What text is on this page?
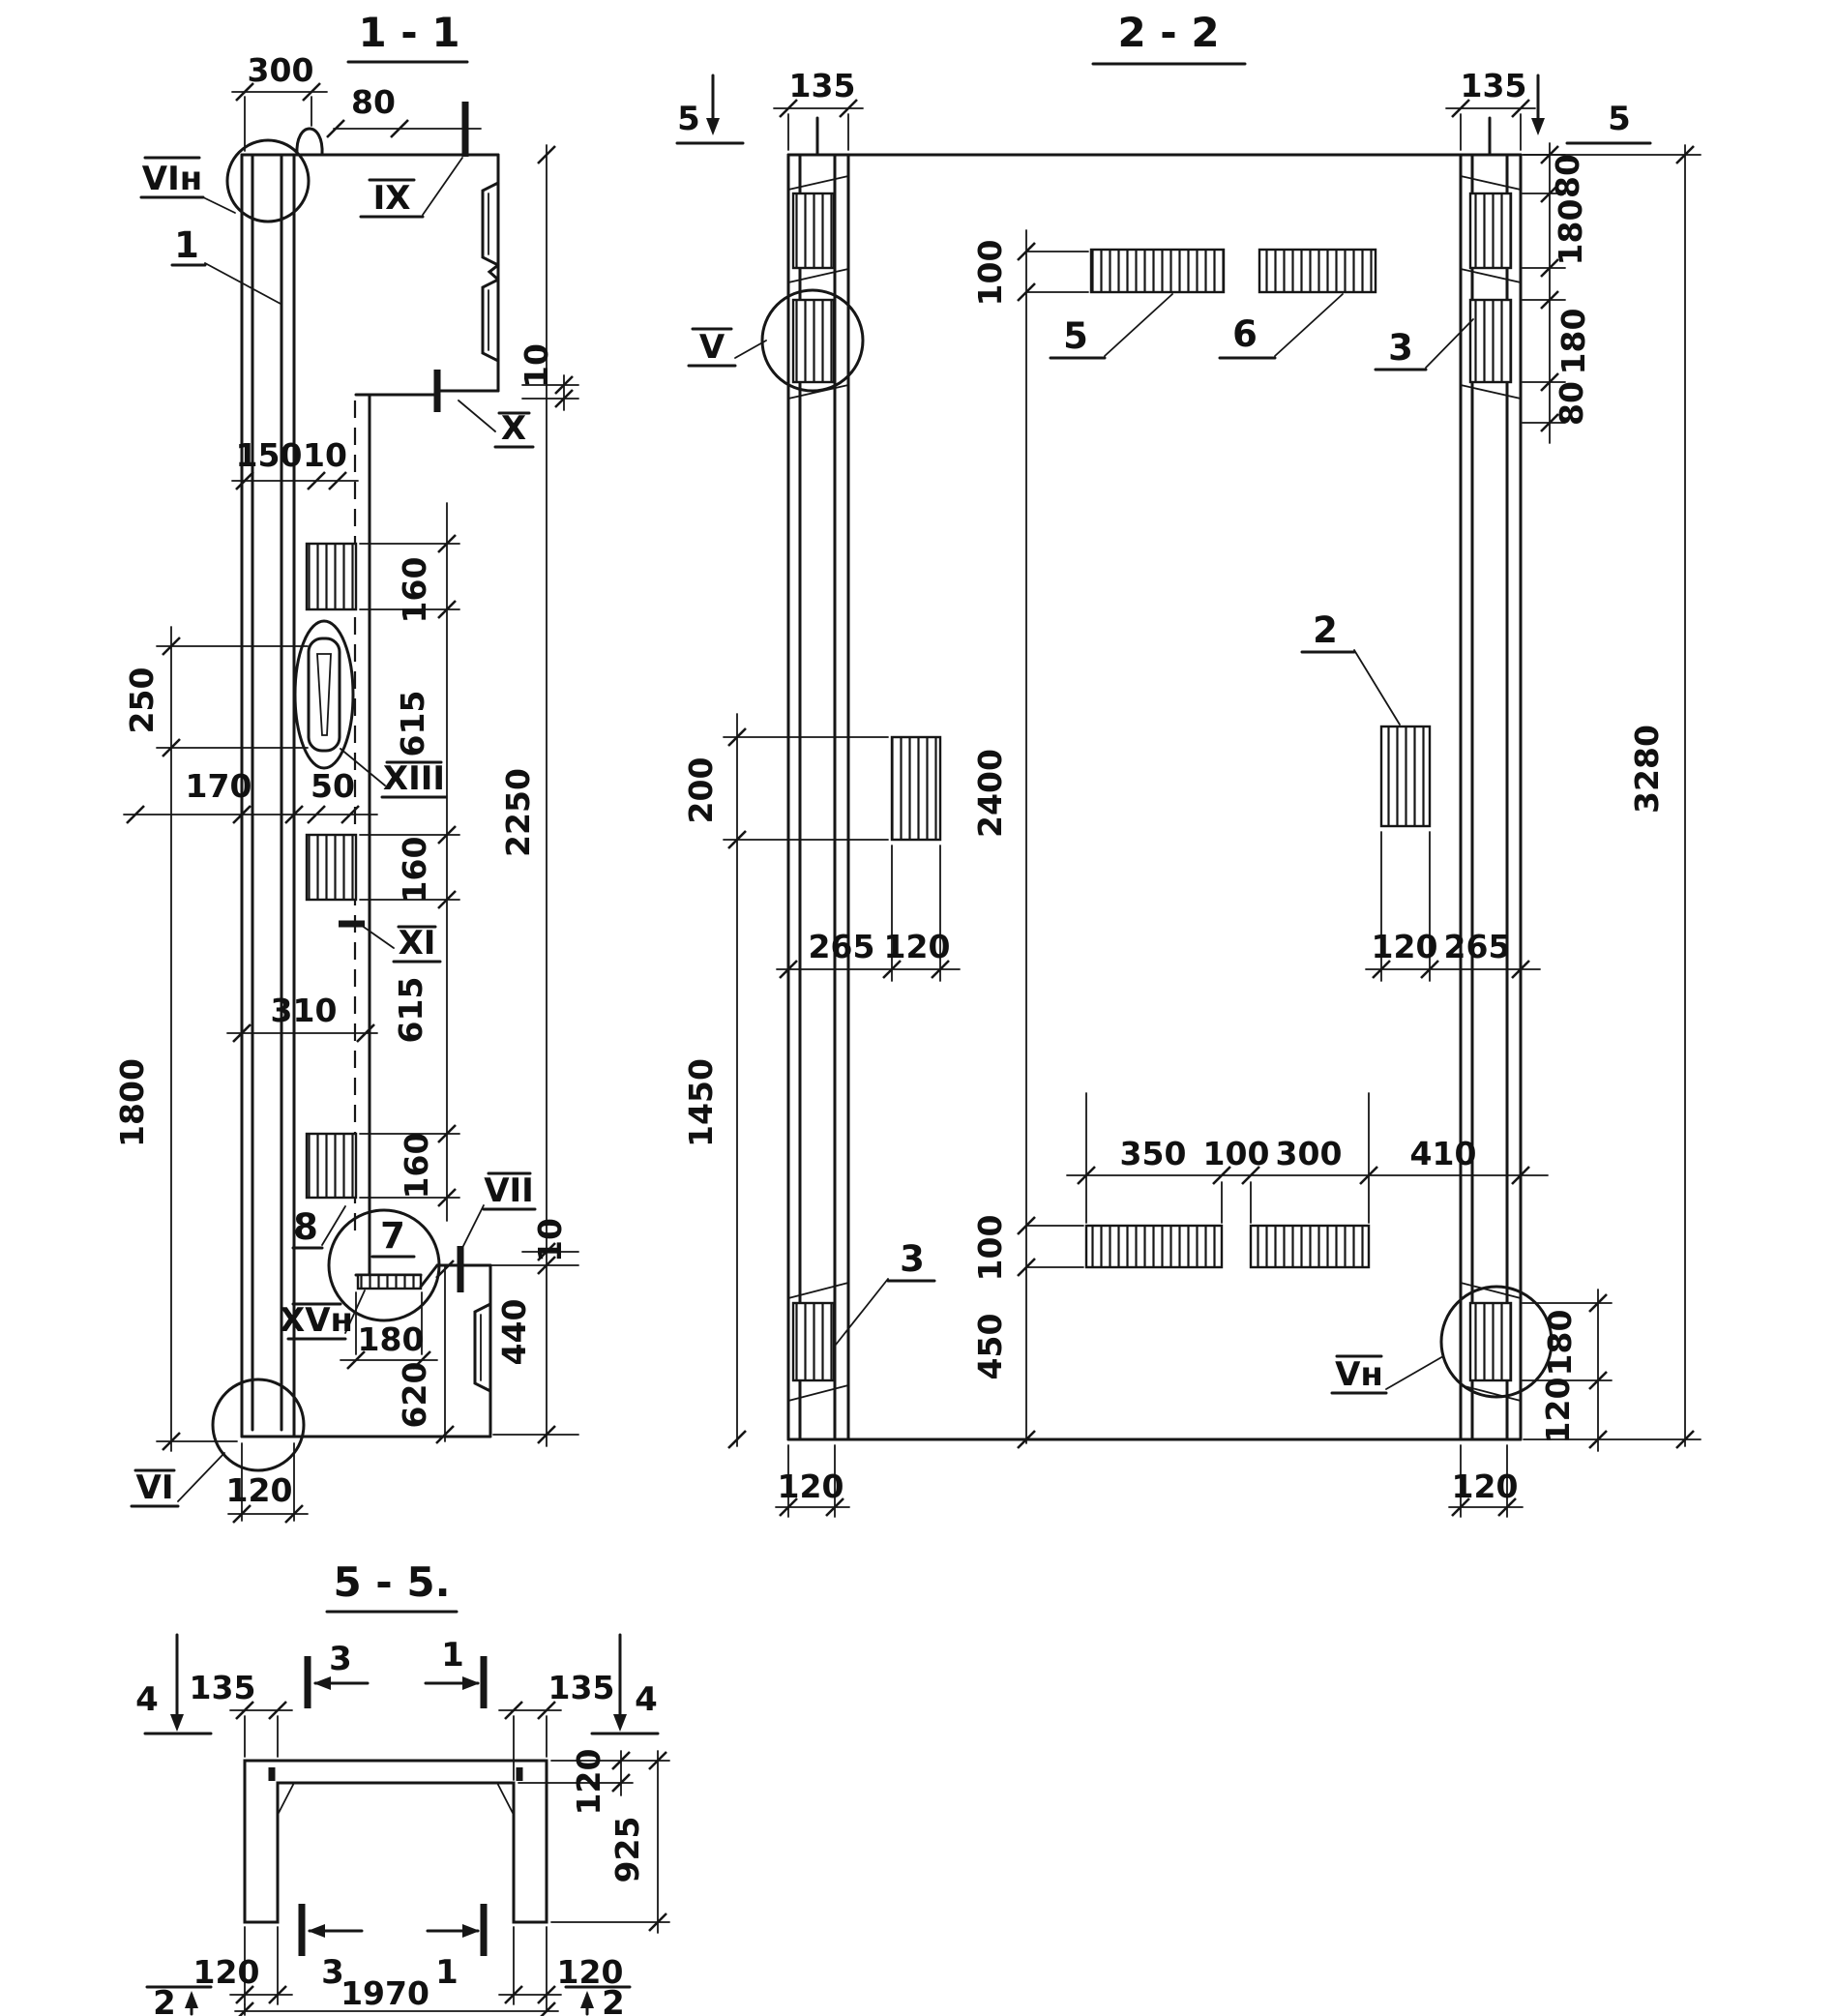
1 - 1
300
80
10
150 10
160
615
250
170 50	2250
160
615
310
1800
160
10
180
620
440
120
VIн
1
IX
X
XIII
XI
8
VII
7
XVн
VI
2 - 2
135	135
5	5
80
180
180
80
100
5	6	3
V
2
200	2400	3280
265 120	120 265
1450
350 100 300 410
100
3
450	Vн	180
120
120	120
5 - 5.
4	4
135	135
3	1
120
925
3	1
120	120
1970
2	2
